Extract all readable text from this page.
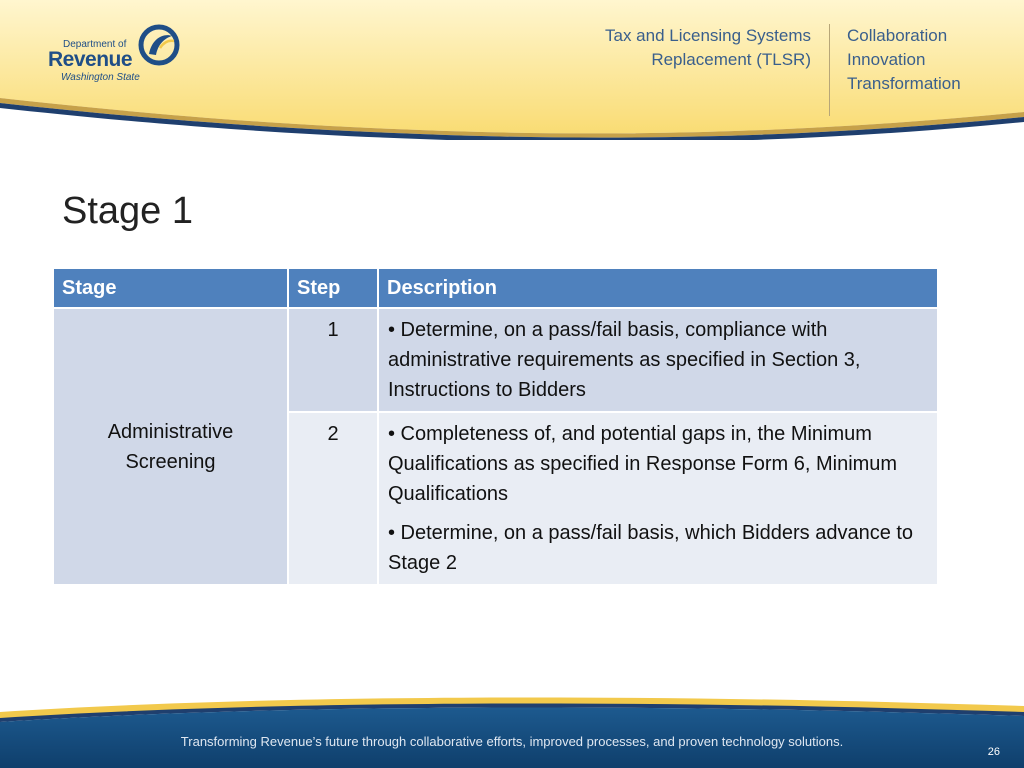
Department of
Revenue
Washington State
Tax and Licensing Systems
Replacement (TLSR)
Collaboration
Innovation
Transformation
Stage 1
Stage	Step	Description
Administrative Screening	1	• Determine, on a pass/fail basis, compliance with administrative requirements as specified in Section 3, Instructions to Bidders

	2	• Completeness of, and potential gaps in, the Minimum Qualifications as specified in Response Form 6, Minimum Qualifications

• Determine, on a pass/fail basis, which Bidders advance to Stage 2

Transforming Revenue’s future through collaborative efforts, improved processes, and proven technology solutions.
26
